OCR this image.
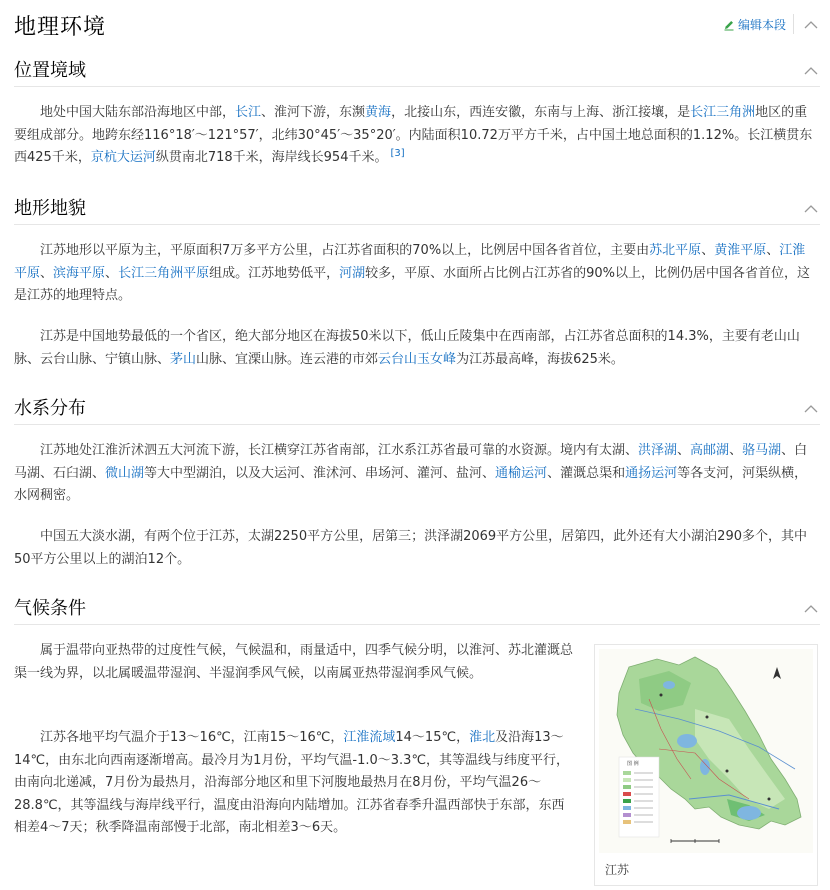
地理环境	编辑本段
位置境域

地处中国大陆东部沿海地区中部，长江、淮河下游，东濒黄海，北接山东，西连安徽，东南与上海、浙江接壤，是长江三角洲地区的重要组成部分。地跨东经116°18′～121°57′，北纬30°45′～35°20′。内陆面积10.72万平方千米，占中国土地总面积的1.12%。长江横贯东西425千米，京杭大运河纵贯南北718千米，海岸线长954千米。 [3]

地形地貌

江苏地形以平原为主，平原面积7万多平方公里，占江苏省面积的70%以上，比例居中国各省首位，主要由苏北平原、黄淮平原、江淮平原、滨海平原、长江三角洲平原组成。江苏地势低平，河湖较多，平原、水面所占比例占江苏省的90%以上，比例仍居中国各省首位，这是江苏的地理特点。

江苏是中国地势最低的一个省区，绝大部分地区在海拔50米以下，低山丘陵集中在西南部，占江苏省总面积的14.3%，主要有老山山脉、云台山脉、宁镇山脉、茅山山脉、宜溧山脉。连云港的市郊云台山玉女峰为江苏最高峰，海拔625米。

水系分布

江苏地处江淮沂沭泗五大河流下游，长江横穿江苏省南部，江水系江苏省最可靠的水资源。境内有太湖、洪泽湖、高邮湖、骆马湖、白马湖、石臼湖、微山湖等大中型湖泊，以及大运河、淮沭河、串场河、灌河、盐河、通榆运河、灌溉总渠和通扬运河等各支河，河渠纵横，水网稠密。

中国五大淡水湖，有两个位于江苏，太湖2250平方公里，居第三；洪泽湖2069平方公里，居第四，此外还有大小湖泊290多个，其中50平方公里以上的湖泊12个。

气候条件

属于温带向亚热带的过度性气候，气候温和，雨量适中，四季气候分明，以淮河、苏北灌溉总渠一线为界，以北属暖温带湿润、半湿润季风气候，以南属亚热带湿润季风气候。

江苏各地平均气温介于13～16℃，江南15～16℃，江淮流域14～15℃，淮北及沿海13～14℃，由东北向西南逐渐增高。最冷月为1月份，平均气温-1.0～3.3℃，其等温线与纬度平行，由南向北递减，7月份为最热月，沿海部分地区和里下河腹地最热月在8月份，平均气温26～28.8℃，其等温线与海岸线平行，温度由沿海向内陆增加。江苏省春季升温西部快于东部，东西相差4～7天；秋季降温南部慢于北部，南北相差3～6天。

图 例
江苏
